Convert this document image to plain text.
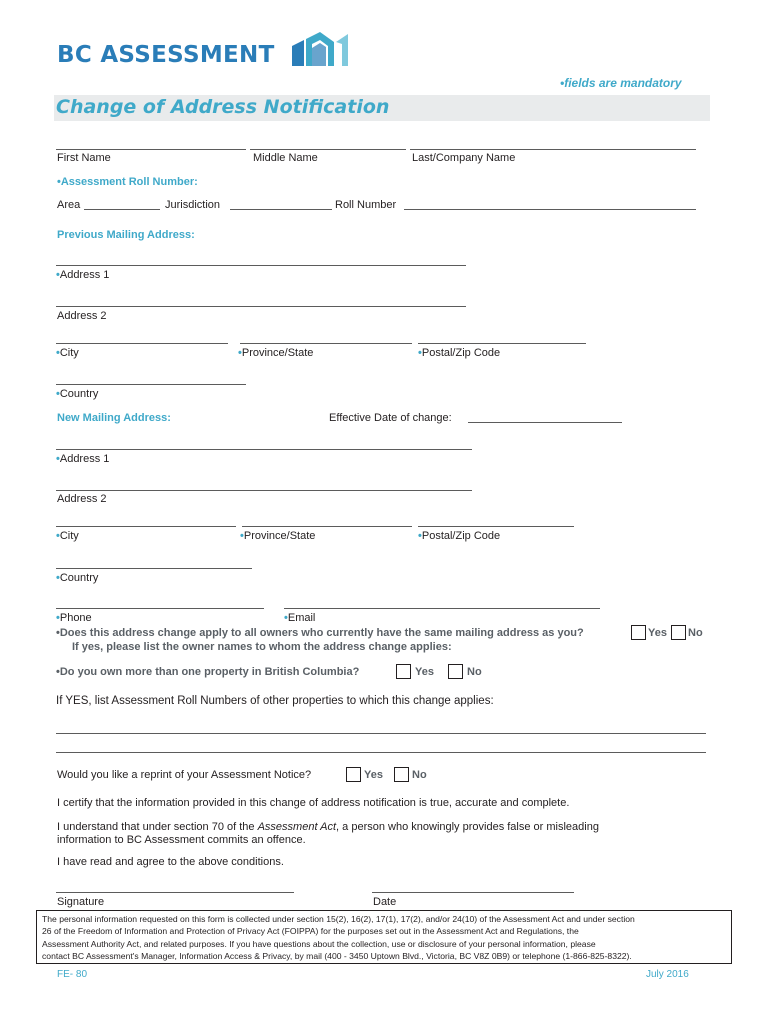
BC ASSESSMENT
•fields are mandatory
Change of Address Notification
First Name	Middle Name	Last/Company Name
•Assessment Roll Number:
Area	Jurisdiction	Roll Number
Previous Mailing Address:
•Address 1
Address 2
•City	•Province/State	•Postal/Zip Code
•Country
New Mailing Address:	Effective Date of change:
•Address 1
Address 2
•City	•Province/State	•Postal/Zip Code
•Country
•Phone	•Email
•Does this address change apply to all owners who currently have the same mailing address as you?	Yes No
If yes, please list the owner names to whom the address change applies:
•Do you own more than one property in British Columbia?	Yes	No
If YES, list Assessment Roll Numbers of other properties to which this change applies:
Would you like a reprint of your Assessment Notice?	Yes	No
I certify that the information provided in this change of address notification is true, accurate and complete.
I understand that under section 70 of the Assessment Act, a person who knowingly provides false or misleading
information to BC Assessment commits an offence.
I have read and agree to the above conditions.
Signature	Date
The personal information requested on this form is collected under section 15(2), 16(2), 17(1), 17(2), and/or 24(10) of the Assessment Act and under section
26 of the Freedom of Information and Protection of Privacy Act (FOIPPA) for the purposes set out in the Assessment Act and Regulations, the
Assessment Authority Act, and related purposes. If you have questions about the collection, use or disclosure of your personal information, please
contact BC Assessment's Manager, Information Access & Privacy, by mail (400 - 3450 Uptown Blvd., Victoria, BC V8Z 0B9) or telephone (1-866-825-8322).
FE- 80	July 2016
